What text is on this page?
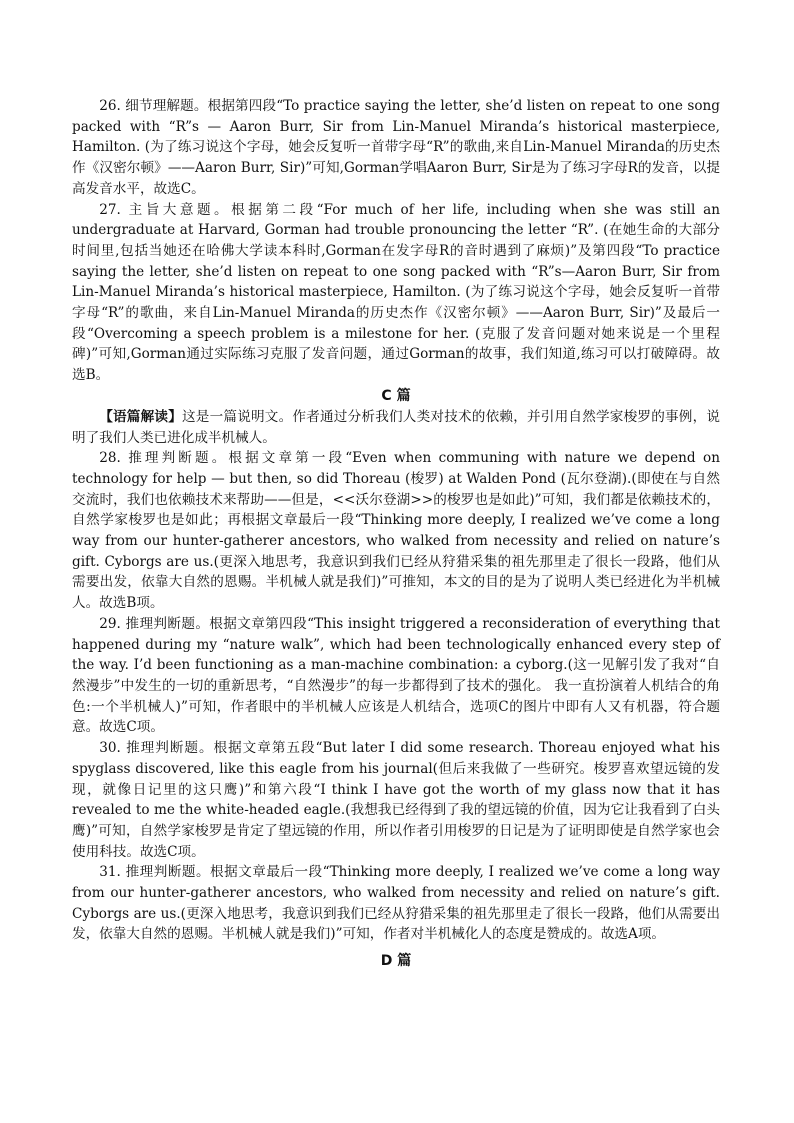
26. 细节理解题。根据第四段“To practice saying the letter, she’d listen on repeat to one song packed with “R”s — Aaron Burr, Sir from Lin-Manuel Miranda’s historical masterpiece, Hamilton. (为了练习说这个字母，她会反复听一首带字母“R”的歌曲,来自Lin-Manuel Miranda的历史杰作《汉密尔顿》——Aaron Burr, Sir)”可知,Gorman学唱Aaron Burr, Sir是为了练习字母R的发音，以提高发音水平，故选C。

27. 主旨大意题。根据第二段“For much of her life, including when she was still an undergraduate at Harvard, Gorman had trouble pronouncing the letter “R”. (在她生命的大部分时间里,包括当她还在哈佛大学读本科时,Gorman在发字母R的音时遇到了麻烦)”及第四段“To practice saying the letter, she’d listen on repeat to one song packed with “R”s—Aaron Burr, Sir from Lin-Manuel Miranda’s historical masterpiece, Hamilton. (为了练习说这个字母，她会反复听一首带字母“R”的歌曲，来自Lin-Manuel Miranda的历史杰作《汉密尔顿》——Aaron Burr, Sir)”及最后一段“Overcoming a speech problem is a milestone for her. (克服了发音问题对她来说是一个里程碑)”可知,Gorman通过实际练习克服了发音问题，通过Gorman的故事，我们知道,练习可以打破障碍。故选B。

C 篇

【语篇解读】这是一篇说明文。作者通过分析我们人类对技术的依赖，并引用自然学家梭罗的事例，说明了我们人类已进化成半机械人。

28. 推理判断题。根据文章第一段“Even when communing with nature we depend on technology for help — but then, so did Thoreau (梭罗) at Walden Pond (瓦尔登湖).(即使在与自然交流时，我们也依赖技术来帮助——但是，<<沃尔登湖>>的梭罗也是如此)”可知，我们都是依赖技术的，自然学家梭罗也是如此；再根据文章最后一段“Thinking more deeply, I realized we’ve come a long way from our hunter-gatherer ancestors, who walked from necessity and relied on nature’s gift. Cyborgs are us.(更深入地思考，我意识到我们已经从狩猎采集的祖先那里走了很长一段路，他们从需要出发，依靠大自然的恩赐。半机械人就是我们)”可推知，本文的目的是为了说明人类已经进化为半机械人。故选B项。

29. 推理判断题。根据文章第四段“This insight triggered a reconsideration of everything that happened during my “nature walk”, which had been technologically enhanced every step of the way. I’d been functioning as a man-machine combination: a cyborg.(这一见解引发了我对“自然漫步”中发生的一切的重新思考，“自然漫步”的每一步都得到了技术的强化。 我一直扮演着人机结合的角色:一个半机械人)”可知，作者眼中的半机械人应该是人机结合，选项C的图片中即有人又有机器，符合题意。故选C项。

30. 推理判断题。根据文章第五段“But later I did some research. Thoreau enjoyed what his spyglass discovered, like this eagle from his journal(但后来我做了一些研究。梭罗喜欢望远镜的发现，就像日记里的这只鹰)”和第六段“I think I have got the worth of my glass now that it has revealed to me the white-headed eagle.(我想我已经得到了我的望远镜的价值，因为它让我看到了白头鹰)”可知，自然学家梭罗是肯定了望远镜的作用，所以作者引用梭罗的日记是为了证明即使是自然学家也会使用科技。故选C项。

31. 推理判断题。根据文章最后一段“Thinking more deeply, I realized we’ve come a long way from our hunter-gatherer ancestors, who walked from necessity and relied on nature’s gift. Cyborgs are us.(更深入地思考，我意识到我们已经从狩猎采集的祖先那里走了很长一段路，他们从需要出发，依靠大自然的恩赐。半机械人就是我们)”可知，作者对半机械化人的态度是赞成的。故选A项。

D 篇
